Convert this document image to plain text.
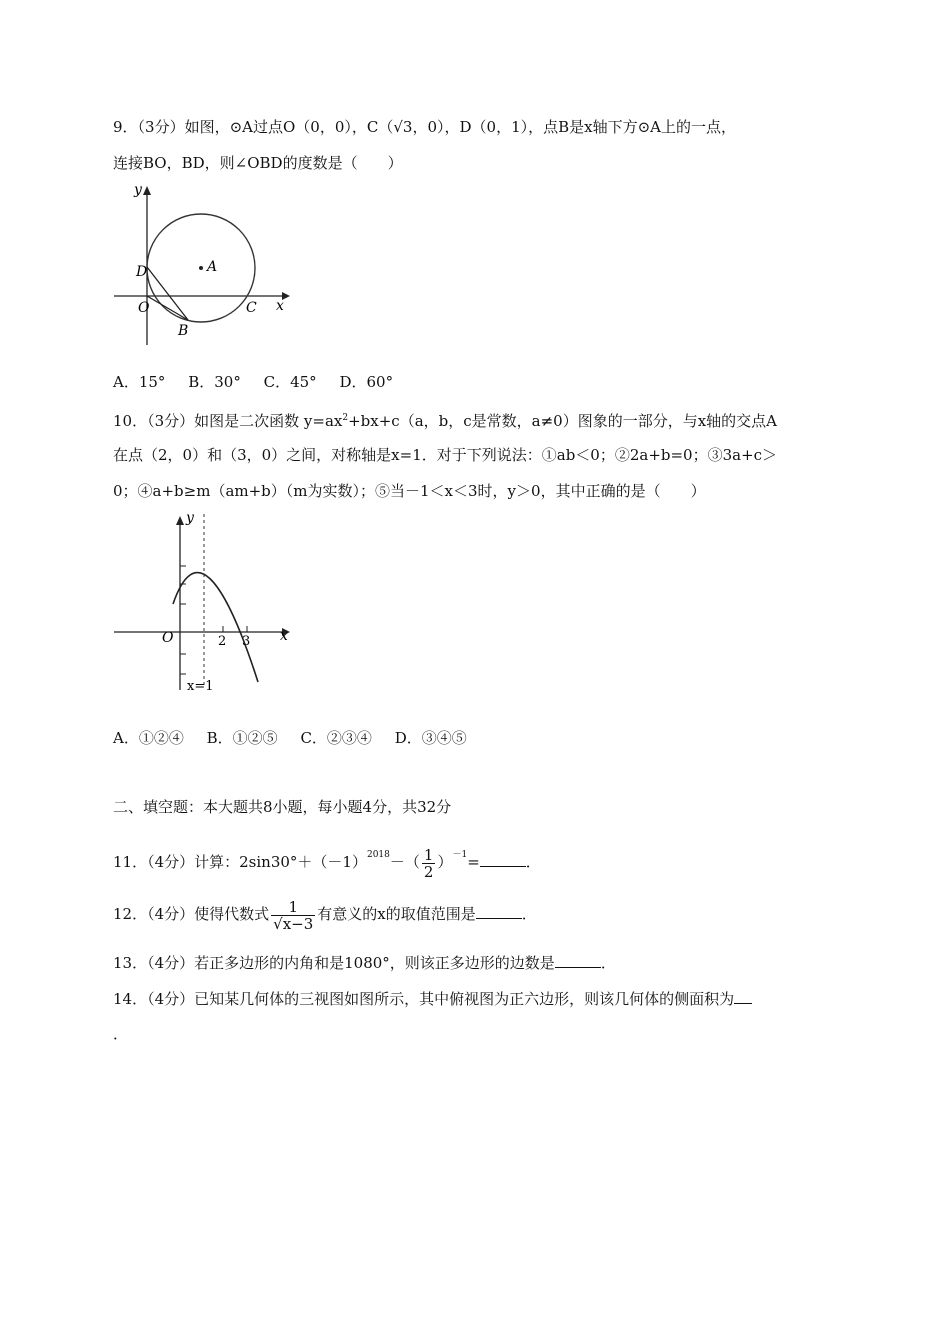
9．（3分）如图，⊙A过点O（0，0），C（√3，0），D（0，1），点B是x轴下方⊙A上的一点，
连接BO，BD，则∠OBD的度数是（　　）
y
x
D	A
O	C
B
A．15° B．30° C．45° D．60°
10．（3分）如图是二次函数 $y=ax^2+bx+c(a$，b，c是常数，a≠0）图象的一部分，与x轴的交点A
在点（2，0）和（3，0）之间，对称轴是x=1．对于下列说法：①ab＜0；②2a+b=0；③3a+c＞
0；④a+b≥m（am+b）（m为实数）；⑤当－1＜x＜3时，y＞0，其中正确的是（　　）
y
x
O	2 3
x=1
A．①②④ B．①②⑤ C．②③④ D．③④⑤
二、填空题：本大题共8小题，每小题4分，共32分
11．（4分）计算：$2\sin 30^\circ+(-1)^{2018}-( \frac{1}{2} )^{-1}=$	．
12．（4分）使得代数式 $\frac{1}{√x-3}$ 有意义的x的取值范围是	．
13．（4分）若正多边形的内角和是1080°，则该正多边形的边数是	．
14．（4分）已知某几何体的三视图如图所示，其中俯视图为正六边形，则该几何体的侧面积为
．
